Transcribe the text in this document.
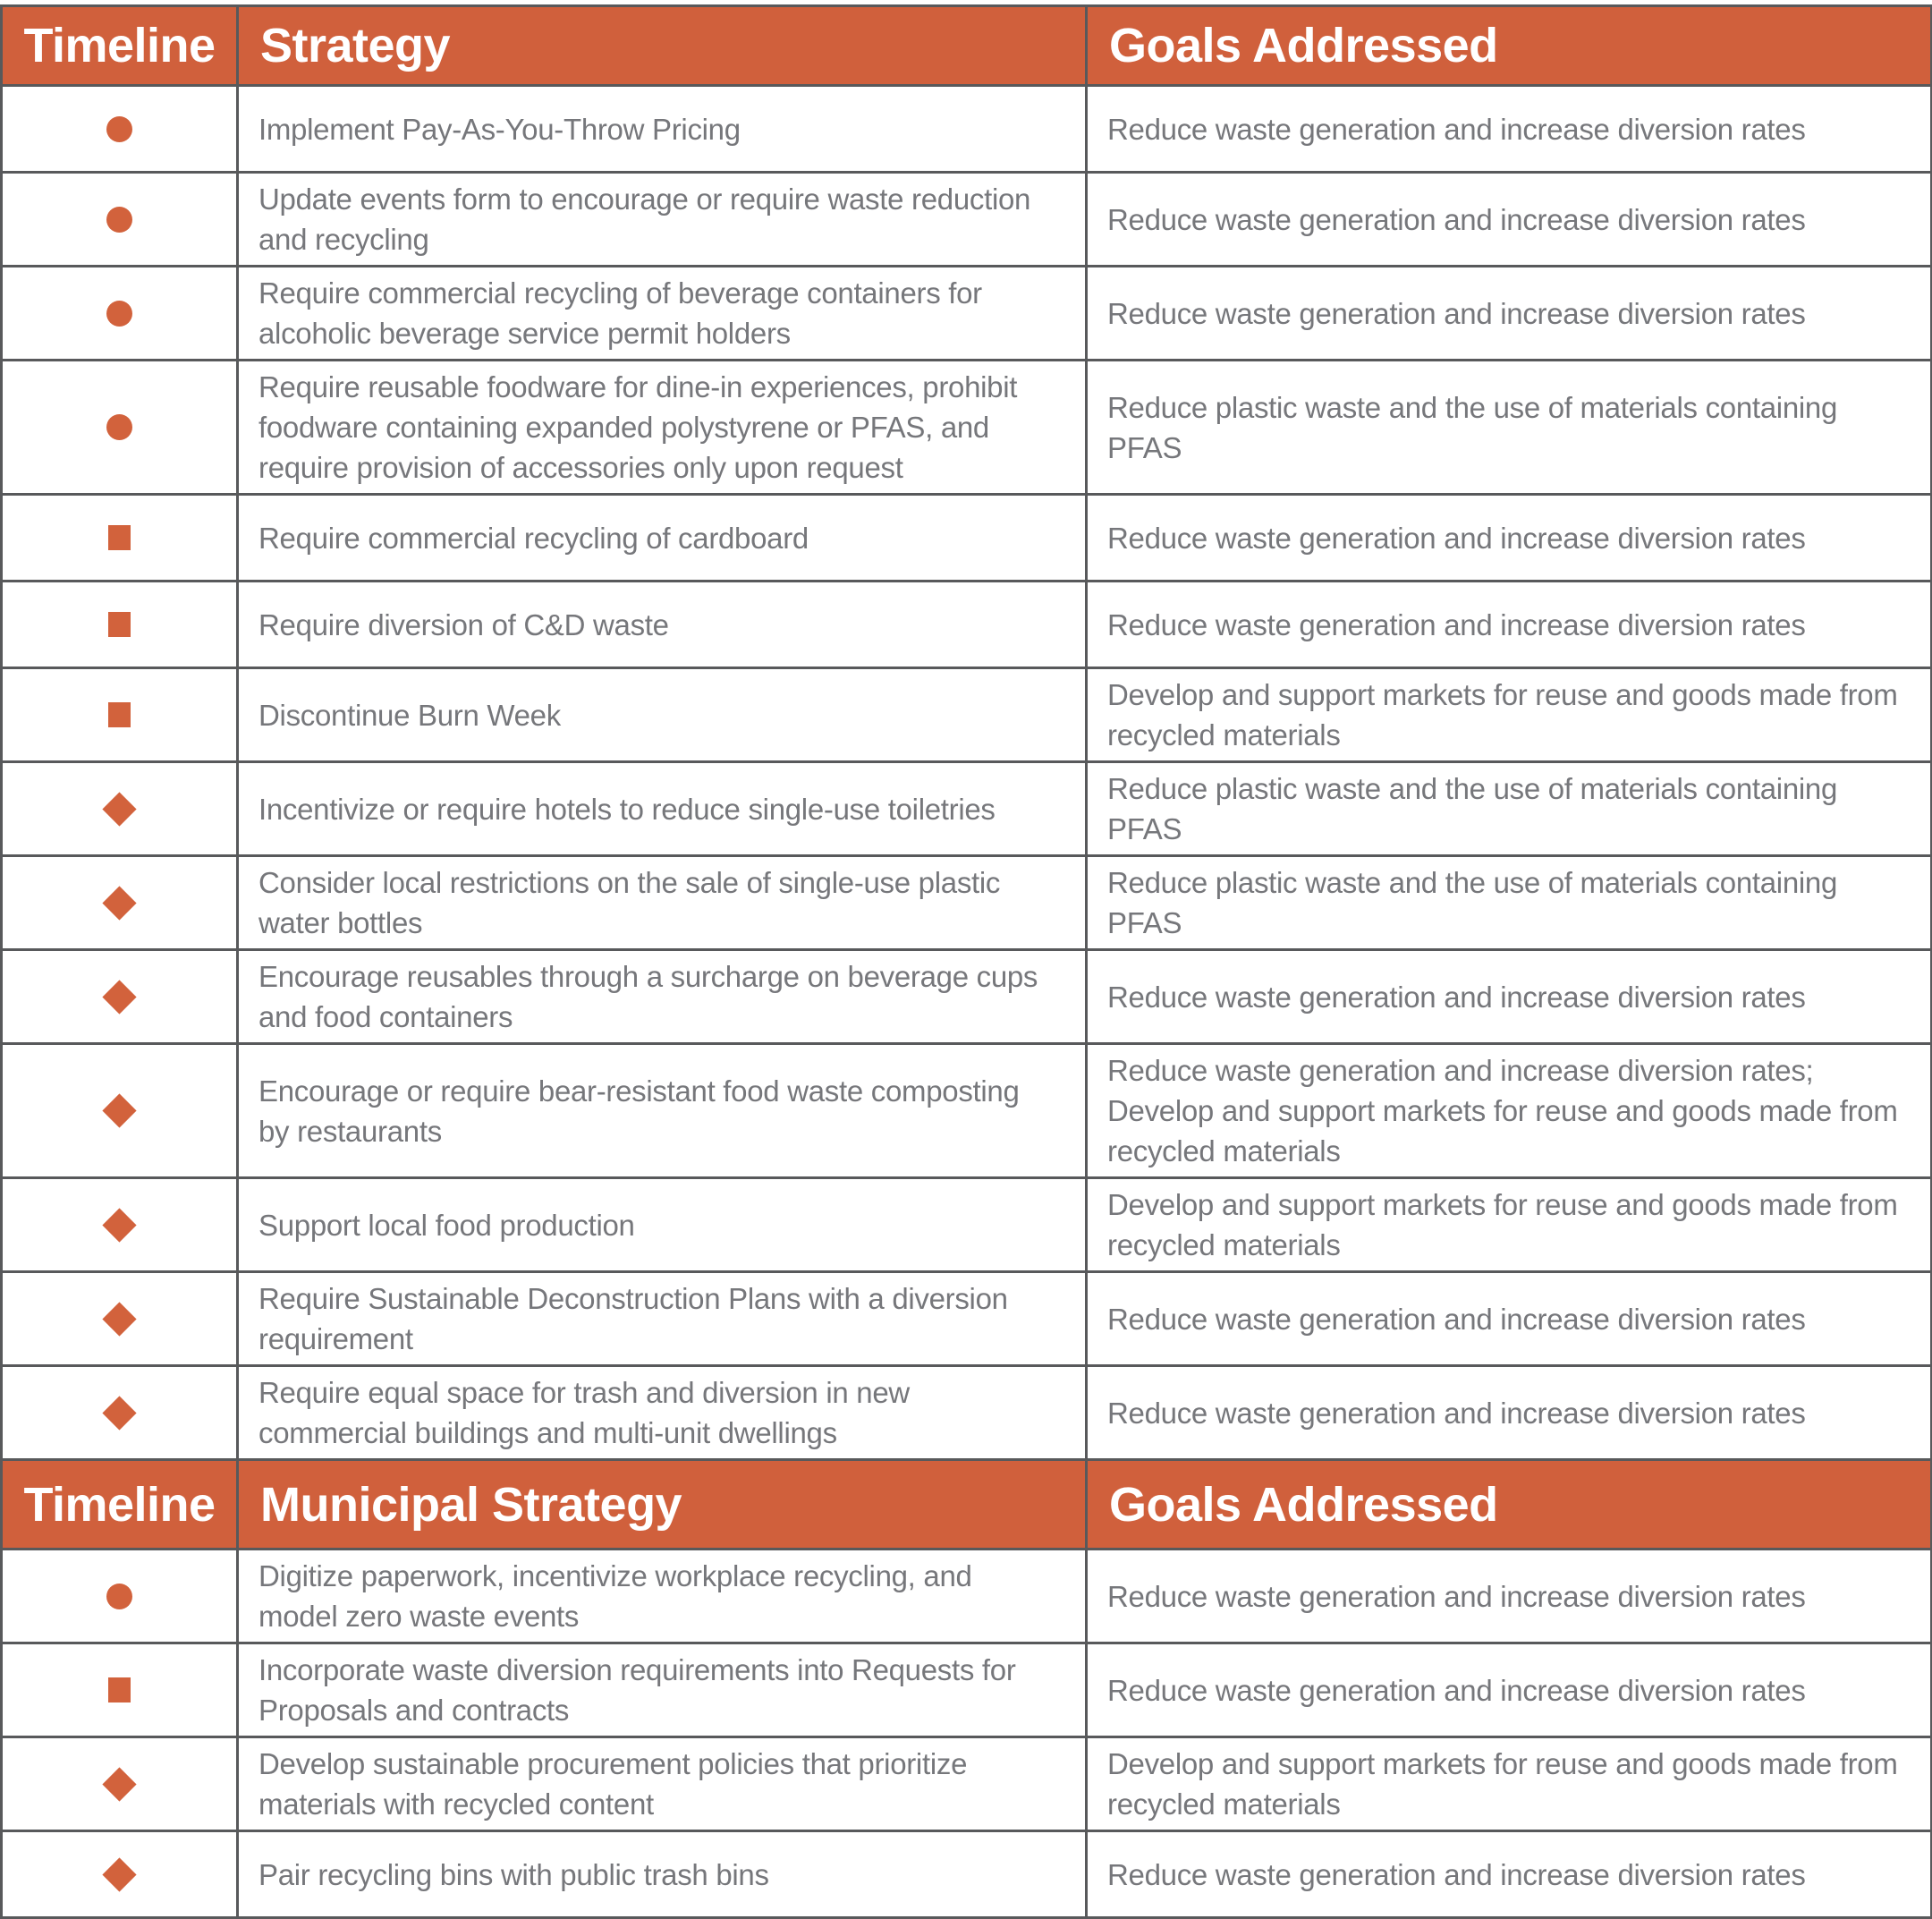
Timeline	Strategy	Goals Addressed
	Implement Pay-As-You-Throw Pricing	Reduce waste generation and increase diversion rates
	Update events form to encourage or require waste reduction and recycling	Reduce waste generation and increase diversion rates
	Require commercial recycling of beverage containers for alcoholic beverage service permit holders	Reduce waste generation and increase diversion rates
	Require reusable foodware for dine-in experiences, prohibit foodware containing expanded polystyrene or PFAS, and require provision of accessories only upon request	Reduce plastic waste and the use of materials containing PFAS
	Require commercial recycling of cardboard	Reduce waste generation and increase diversion rates
	Require diversion of C&D waste	Reduce waste generation and increase diversion rates
	Discontinue Burn Week	Develop and support markets for reuse and goods made from recycled materials
	Incentivize or require hotels to reduce single-use toiletries	Reduce plastic waste and the use of materials containing PFAS
	Consider local restrictions on the sale of single-use plastic water bottles	Reduce plastic waste and the use of materials containing PFAS
	Encourage reusables through a surcharge on beverage cups and food containers	Reduce waste generation and increase diversion rates
	Encourage or require bear-resistant food waste composting by restaurants	Reduce waste generation and increase diversion rates; Develop and support markets for reuse and goods made from recycled materials
	Support local food production	Develop and support markets for reuse and goods made from recycled materials
	Require Sustainable Deconstruction Plans with a diversion requirement	Reduce waste generation and increase diversion rates
	Require equal space for trash and diversion in new commercial buildings and multi-unit dwellings	Reduce waste generation and increase diversion rates
Timeline	Municipal Strategy	Goals Addressed
	Digitize paperwork, incentivize workplace recycling, and model zero waste events	Reduce waste generation and increase diversion rates
	Incorporate waste diversion requirements into Requests for Proposals and contracts	Reduce waste generation and increase diversion rates
	Develop sustainable procurement policies that prioritize materials with recycled content	Develop and support markets for reuse and goods made from recycled materials
	Pair recycling bins with public trash bins	Reduce waste generation and increase diversion rates
